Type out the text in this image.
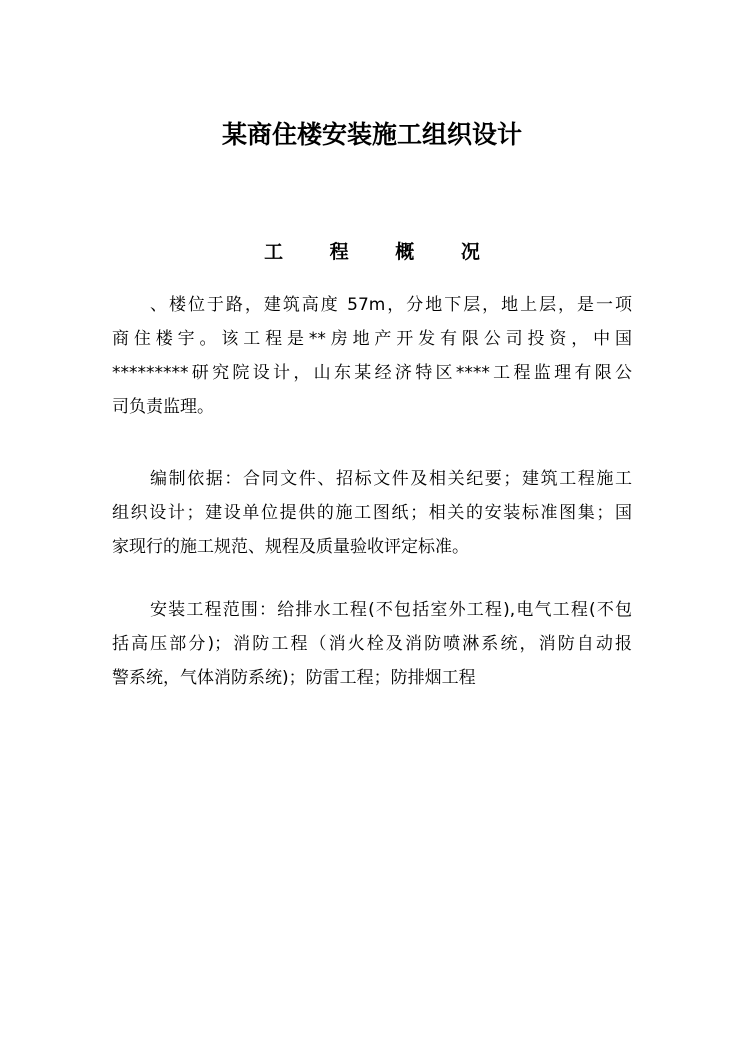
某商住楼安装施工组织设计
工 程 概 况
、楼位于路，建筑高度 57m，分地下层，地上层，是一项
商住楼宇。该工程是**房地产开发有限公司投资，中国
*********研究院设计，山东某经济特区****工程监理有限公
司负责监理。
编制依据：合同文件、招标文件及相关纪要；建筑工程施工
组织设计；建设单位提供的施工图纸；相关的安装标准图集；国
家现行的施工规范、规程及质量验收评定标准。
安装工程范围：给排水工程(不包括室外工程),电气工程(不包
括高压部分)；消防工程（消火栓及消防喷淋系统，消防自动报
警系统，气体消防系统)；防雷工程；防排烟工程
